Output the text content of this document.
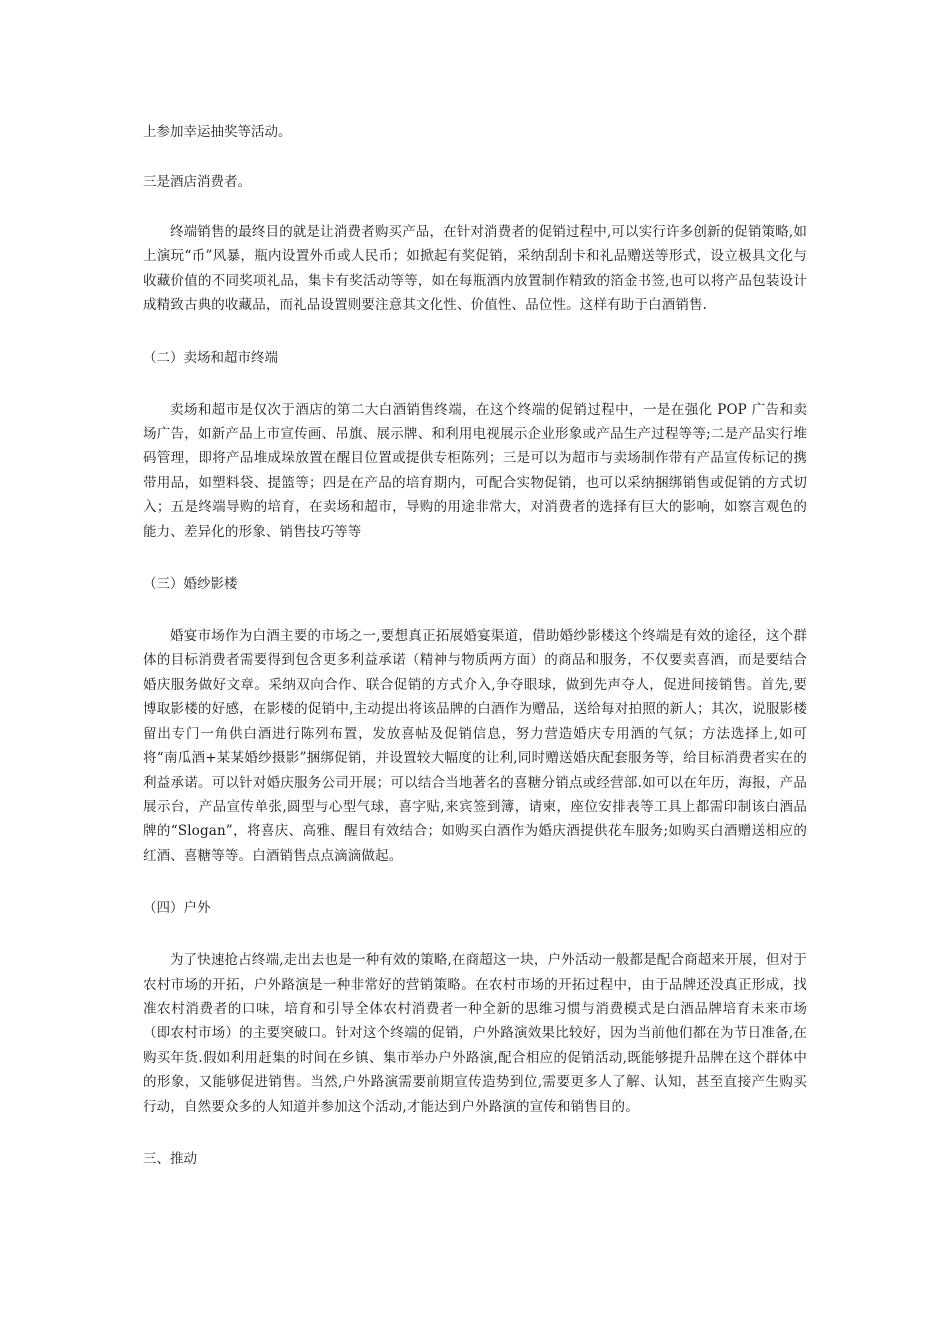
上参加幸运抽奖等活动。

三是酒店消费者。

终端销售的最终目的就是让消费者购买产品，在针对消费者的促销过程中,可以实行许多创新的促销策略,如上演玩“币”风暴，瓶内设置外币或人民币；如掀起有奖促销，采纳刮刮卡和礼品赠送等形式，设立极具文化与收藏价值的不同奖项礼品，集卡有奖活动等等，如在每瓶酒内放置制作精致的箔金书签,也可以将产品包装设计成精致古典的收藏品，而礼品设置则要注意其文化性、价值性、品位性。这样有助于白酒销售.

（二）卖场和超市终端

卖场和超市是仅次于酒店的第二大白酒销售终端，在这个终端的促销过程中，一是在强化 POP 广告和卖场广告，如新产品上市宣传画、吊旗、展示牌、和利用电视展示企业形象或产品生产过程等等;二是产品实行堆码管理，即将产品堆成垛放置在醒目位置或提供专柜陈列；三是可以为超市与卖场制作带有产品宣传标记的携带用品，如塑料袋、提篮等；四是在产品的培育期内，可配合实物促销，也可以采纳捆绑销售或促销的方式切入；五是终端导购的培育，在卖场和超市，导购的用途非常大，对消费者的选择有巨大的影响，如察言观色的能力、差异化的形象、销售技巧等等

（三）婚纱影楼

婚宴市场作为白酒主要的市场之一,要想真正拓展婚宴渠道，借助婚纱影楼这个终端是有效的途径，这个群体的目标消费者需要得到包含更多利益承诺（精神与物质两方面）的商品和服务，不仅要卖喜酒，而是要结合婚庆服务做好文章。采纳双向合作、联合促销的方式介入,争夺眼球，做到先声夺人，促进间接销售。首先,要博取影楼的好感，在影楼的促销中,主动提出将该品牌的白酒作为赠品，送给每对拍照的新人；其次，说服影楼留出专门一角供白酒进行陈列布置，发放喜帖及促销信息，努力营造婚庆专用酒的气氛；方法选择上,如可将“南瓜酒+某某婚纱摄影”捆绑促销，并设置较大幅度的让利,同时赠送婚庆配套服务等，给目标消费者实在的利益承诺。可以针对婚庆服务公司开展；可以结合当地著名的喜糖分销点或经营部.如可以在年历，海报，产品展示台，产品宣传单张,圆型与心型气球，喜字贴,来宾签到簿，请柬，座位安排表等工具上都需印制该白酒品牌的“Slogan”，将喜庆、高雅、醒目有效结合；如购买白酒作为婚庆酒提供花车服务;如购买白酒赠送相应的红酒、喜糖等等。白酒销售点点滴滴做起。

（四）户外

为了快速抢占终端,走出去也是一种有效的策略,在商超这一块，户外活动一般都是配合商超来开展，但对于农村市场的开拓，户外路演是一种非常好的营销策略。在农村市场的开拓过程中，由于品牌还没真正形成，找准农村消费者的口味，培育和引导全体农村消费者一种全新的思维习惯与消费模式是白酒品牌培育未来市场（即农村市场）的主要突破口。针对这个终端的促销，户外路演效果比较好，因为当前他们都在为节日准备,在购买年货.假如利用赶集的时间在乡镇、集市举办户外路演,配合相应的促销活动,既能够提升品牌在这个群体中的形象，又能够促进销售。当然,户外路演需要前期宣传造势到位,需要更多人了解、认知，甚至直接产生购买行动，自然要众多的人知道并参加这个活动,才能达到户外路演的宣传和销售目的。

三、推动
